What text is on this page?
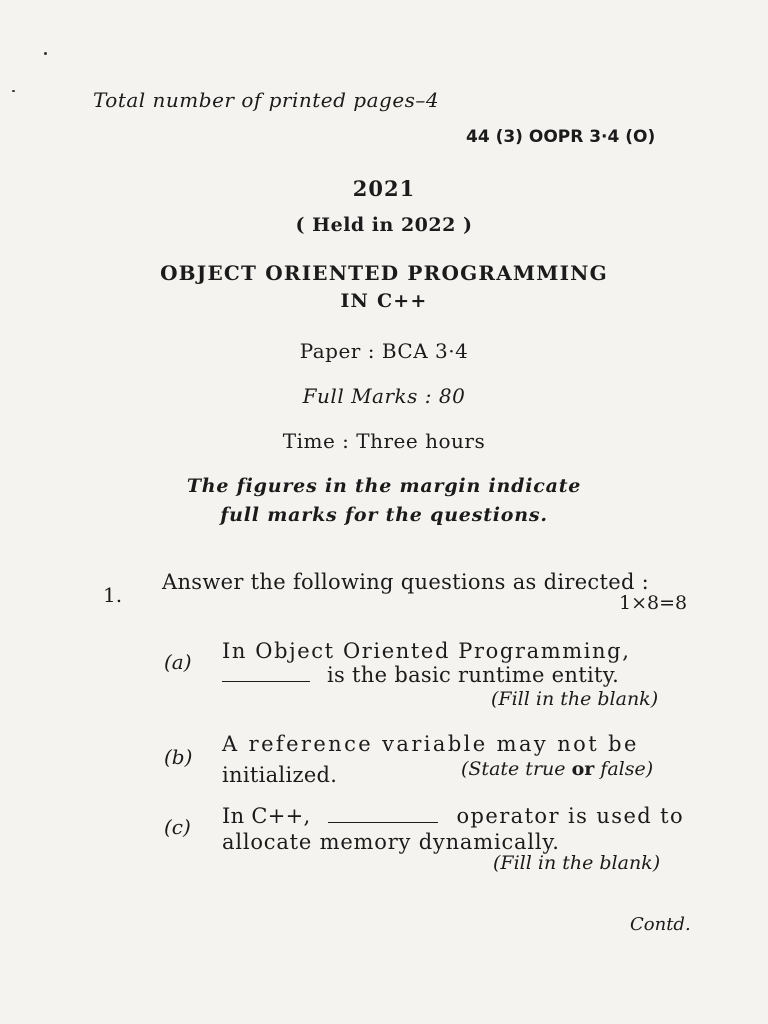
Total number of printed pages–4
44 (3) OOPR 3·4 (O)
2021
( Held in 2022 )
OBJECT ORIENTED PROGRAMMING
IN C++
Paper : BCA 3·4
Full Marks : 80
Time : Three hours
The figures in the margin indicate
full marks for the questions.
1.
Answer the following questions as directed :
1×8=8
(a) In Object Oriented Programming,
is the basic runtime entity.
(Fill in the blank)
(b)
A reference variable may not be
initialized.	(State true or false)
(c) In C++,	operator is used to
allocate memory dynamically.
(Fill in the blank)
Contd.
